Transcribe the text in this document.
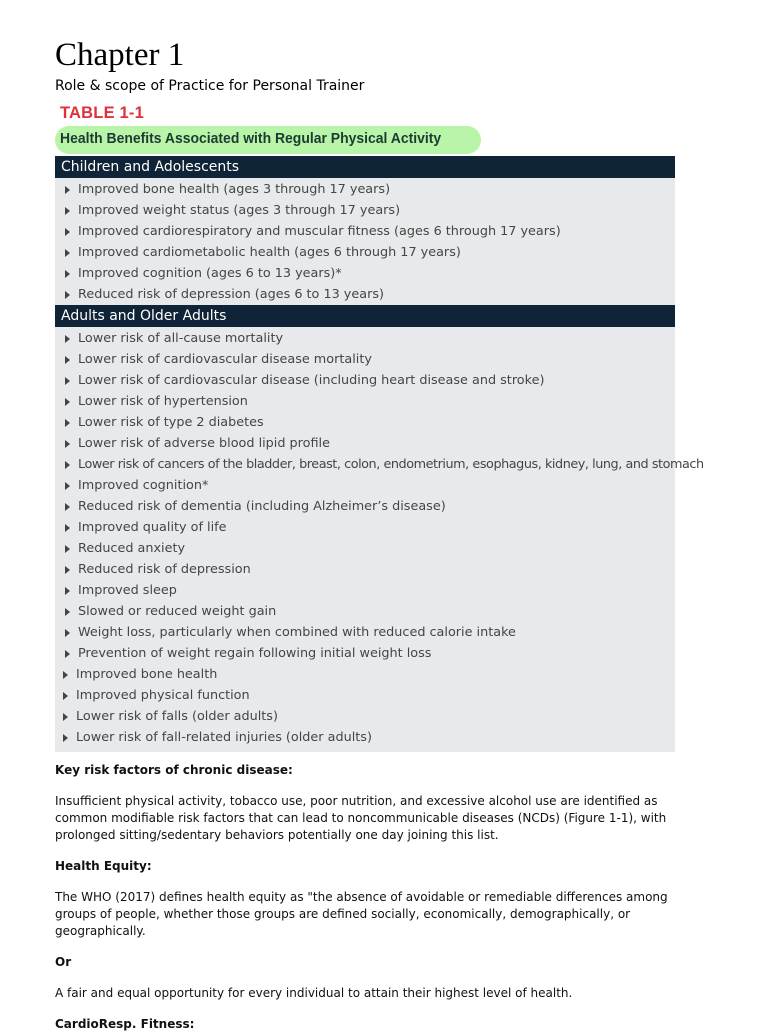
Chapter 1
Role & scope of Practice for Personal Trainer
TABLE 1-1
Health Benefits Associated with Regular Physical Activity
Children and Adolescents
Improved bone health (ages 3 through 17 years)
Improved weight status (ages 3 through 17 years)
Improved cardiorespiratory and muscular fitness (ages 6 through 17 years)
Improved cardiometabolic health (ages 6 through 17 years)
Improved cognition (ages 6 to 13 years)*
Reduced risk of depression (ages 6 to 13 years)
Adults and Older Adults
Lower risk of all-cause mortality
Lower risk of cardiovascular disease mortality
Lower risk of cardiovascular disease (including heart disease and stroke)
Lower risk of hypertension
Lower risk of type 2 diabetes
Lower risk of adverse blood lipid profile
Lower risk of cancers of the bladder, breast, colon, endometrium, esophagus, kidney, lung, and stomach
Improved cognition*
Reduced risk of dementia (including Alzheimer’s disease)
Improved quality of life
Reduced anxiety
Reduced risk of depression
Improved sleep
Slowed or reduced weight gain
Weight loss, particularly when combined with reduced calorie intake
Prevention of weight regain following initial weight loss
Improved bone health
Improved physical function
Lower risk of falls (older adults)
Lower risk of fall-related injuries (older adults)
Key risk factors of chronic disease:
Insufficient physical activity, tobacco use, poor nutrition, and excessive alcohol use are identified as common modifiable risk factors that can lead to noncommunicable diseases (NCDs) (Figure 1-1), with prolonged sitting/sedentary behaviors potentially one day joining this list.
Health Equity:
The WHO (2017) defines health equity as "the absence of avoidable or remediable differences among groups of people, whether those groups are defined socially, economically, demographically, or geographically.
Or
A fair and equal opportunity for every individual to attain their highest level of health.
CardioResp. Fitness:
